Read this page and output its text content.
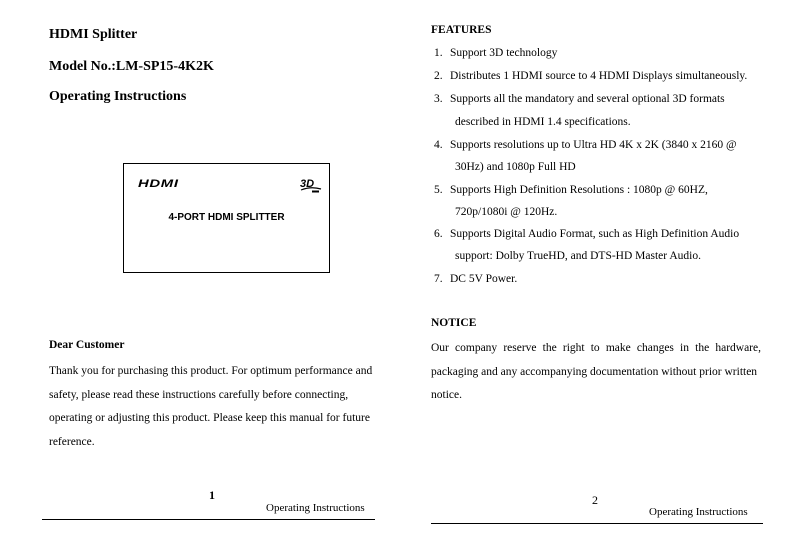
HDMI Splitter
Model No.:LM-SP15-4K2K
Operating Instructions
HDMI	3D
4-PORT HDMI SPLITTER
Dear Customer
Thank you for purchasing this product. For optimum performance and
safety, please read these instructions carefully before connecting,
operating or adjusting this product. Please keep this manual for future
reference.
1
Operating Instructions
FEATURES
1. Support 3D technology
2. Distributes 1 HDMI source to 4 HDMI Displays simultaneously.
3. Supports all the mandatory and several optional 3D formats
described in HDMI 1.4 specifications.
4. Supports resolutions up to Ultra HD 4K x 2K (3840 x 2160 @
30Hz) and 1080p Full HD
5. Supports High Definition Resolutions : 1080p @ 60HZ,
720p/1080i @ 120Hz.
6. Supports Digital Audio Format, such as High Definition Audio
support: Dolby TrueHD, and DTS-HD Master Audio.
7. DC 5V Power.
NOTICE
Our company reserve the right to make changes in the hardware,
packaging and any accompanying documentation without prior written
notice.
2
Operating Instructions
